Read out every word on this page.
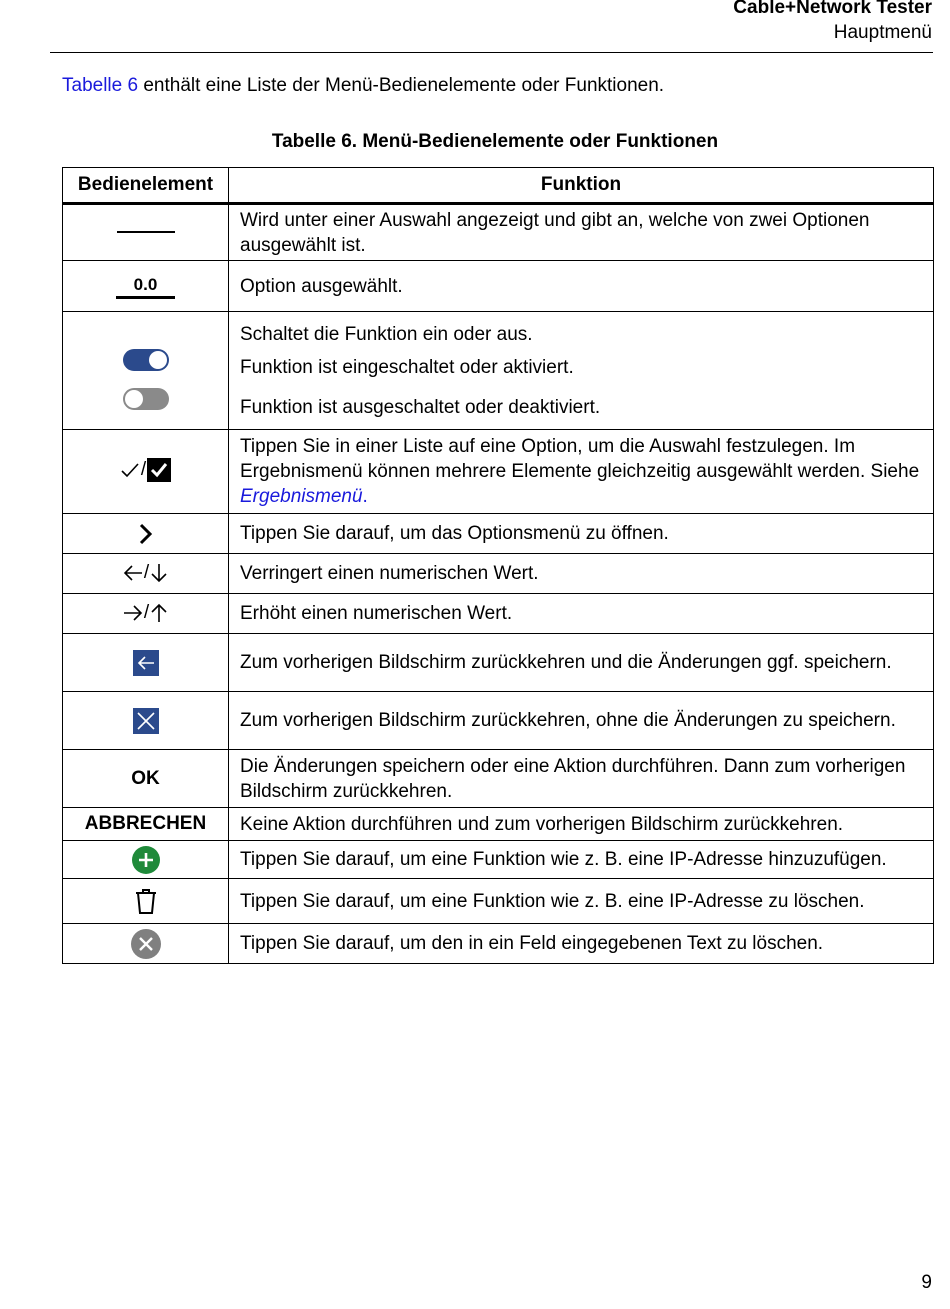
Cable+Network Tester
Hauptmenü
Tabelle 6 enthält eine Liste der Menü-Bedienelemente oder Funktionen.
Tabelle 6. Menü-Bedienelemente oder Funktionen
Bedienelement	Funktion
	Wird unter einer Auswahl angezeigt und gibt an, welche von zwei Optionen ausgewählt ist.
0.0	Option ausgewählt.

	Schaltet die Funktion ein oder aus.
Funktion ist eingeschaltet oder aktiviert.
Funktion ist ausgeschaltet oder deaktiviert.

/	Tippen Sie in einer Liste auf eine Option, um die Auswahl festzulegen. Im Ergebnismenü können mehrere Elemente gleichzeitig ausgewählt werden. Siehe Ergebnismenü.
	Tippen Sie darauf, um das Optionsmenü zu öffnen.
/	Verringert einen numerischen Wert.
/	Erhöht einen numerischen Wert.
	Zum vorherigen Bildschirm zurückkehren und die Änderungen ggf. speichern.
	Zum vorherigen Bildschirm zurückkehren, ohne die Änderungen zu speichern.
OK	Die Änderungen speichern oder eine Aktion durchführen. Dann zum vorherigen Bildschirm zurückkehren.
ABBRECHEN	Keine Aktion durchführen und zum vorherigen Bildschirm zurückkehren.
	Tippen Sie darauf, um eine Funktion wie z. B. eine IP-Adresse hinzuzufügen.
	Tippen Sie darauf, um eine Funktion wie z. B. eine IP-Adresse zu löschen.
	Tippen Sie darauf, um den in ein Feld eingegebenen Text zu löschen.
9
